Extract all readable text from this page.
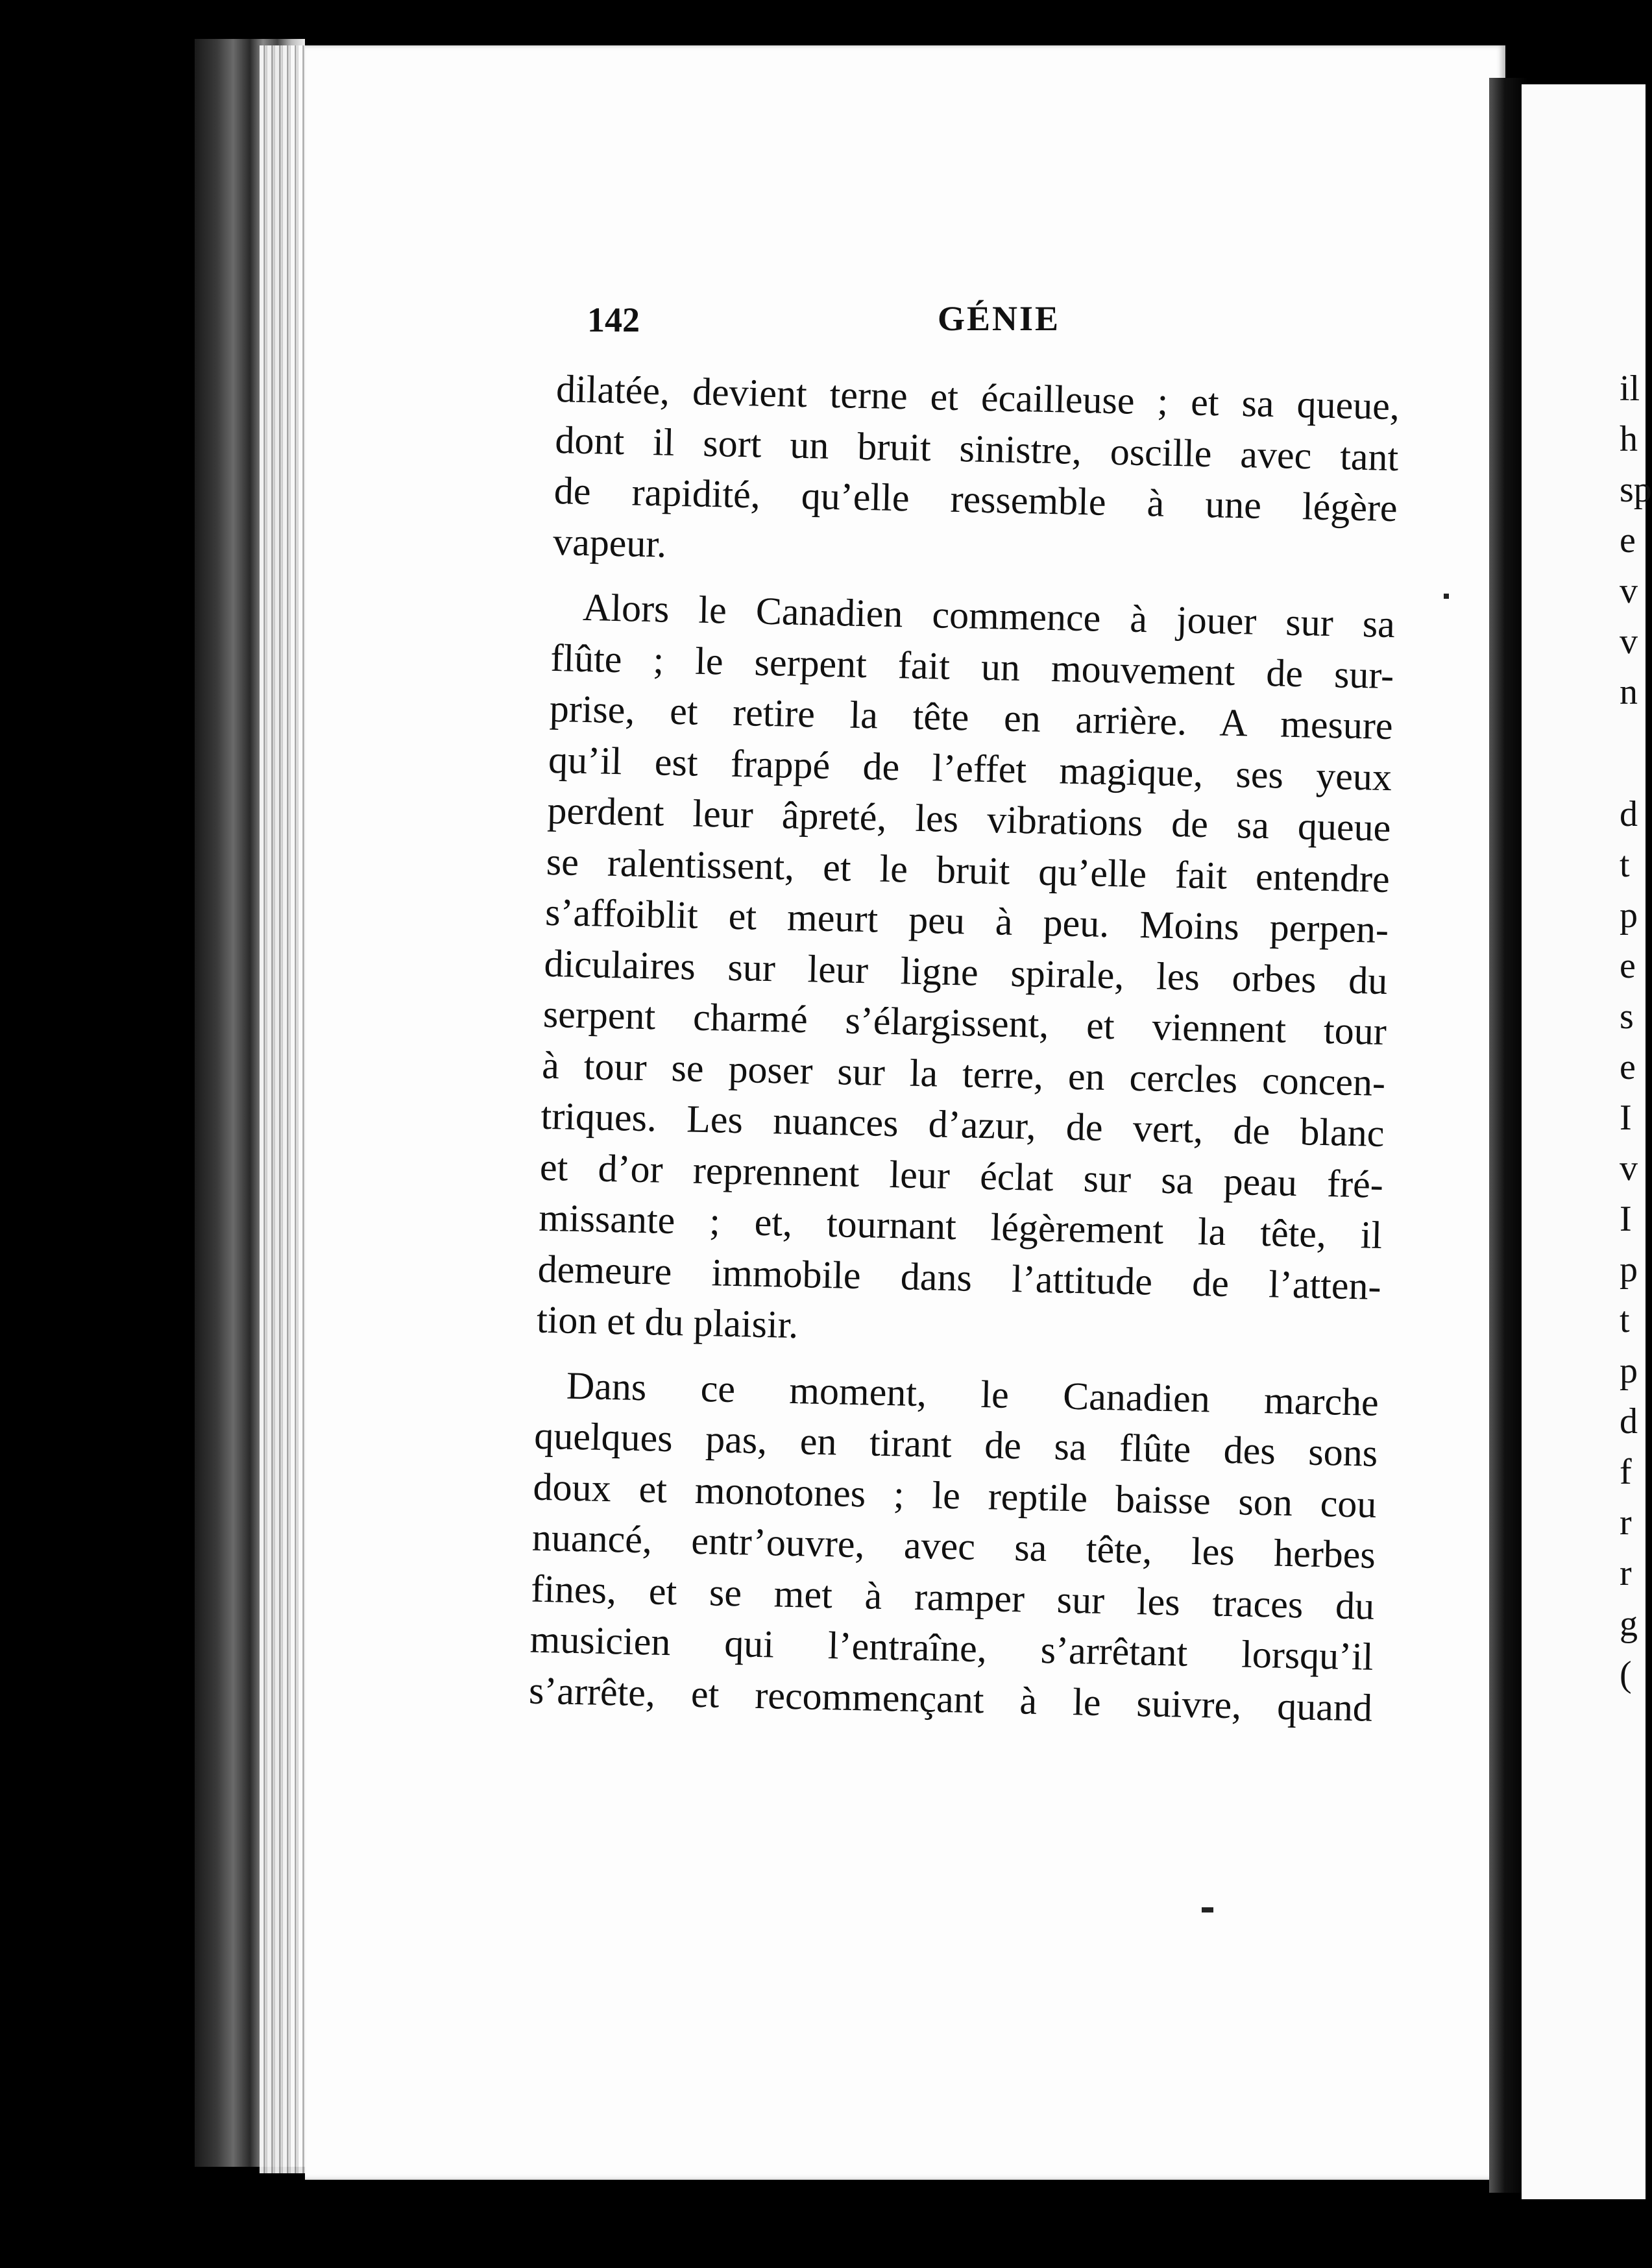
il
h
sp
e
v
v
n
d
t
p
e
s
e
I
v
I
p
t
p
d
f
r
r
g
(
142	GÉNIE
dilatée, devient terne et écailleuse ; et sa queue,
dont il sort un bruit sinistre, oscille avec tant
de rapidité, qu’elle ressemble à une légère
vapeur.
Alors le Canadien commence à jouer sur sa
flûte ; le serpent fait un mouvement de sur-
prise, et retire la tête en arrière. A mesure
qu’il est frappé de l’effet magique, ses yeux
perdent leur âpreté, les vibrations de sa queue
se ralentissent, et le bruit qu’elle fait entendre
s’affoiblit et meurt peu à peu. Moins perpen-
diculaires sur leur ligne spirale, les orbes du
serpent charmé s’élargissent, et viennent tour
à tour se poser sur la terre, en cercles concen-
triques. Les nuances d’azur, de vert, de blanc
et d’or reprennent leur éclat sur sa peau fré-
missante ; et, tournant légèrement la tête, il
demeure immobile dans l’attitude de l’atten-
tion et du plaisir.
Dans ce moment, le Canadien marche
quelques pas, en tirant de sa flûte des sons
doux et monotones ; le reptile baisse son cou
nuancé, entr’ouvre, avec sa tête, les herbes
fines, et se met à ramper sur les traces du
musicien qui l’entraîne, s’arrêtant lorsqu’il
s’arrête, et recommençant à le suivre, quand
